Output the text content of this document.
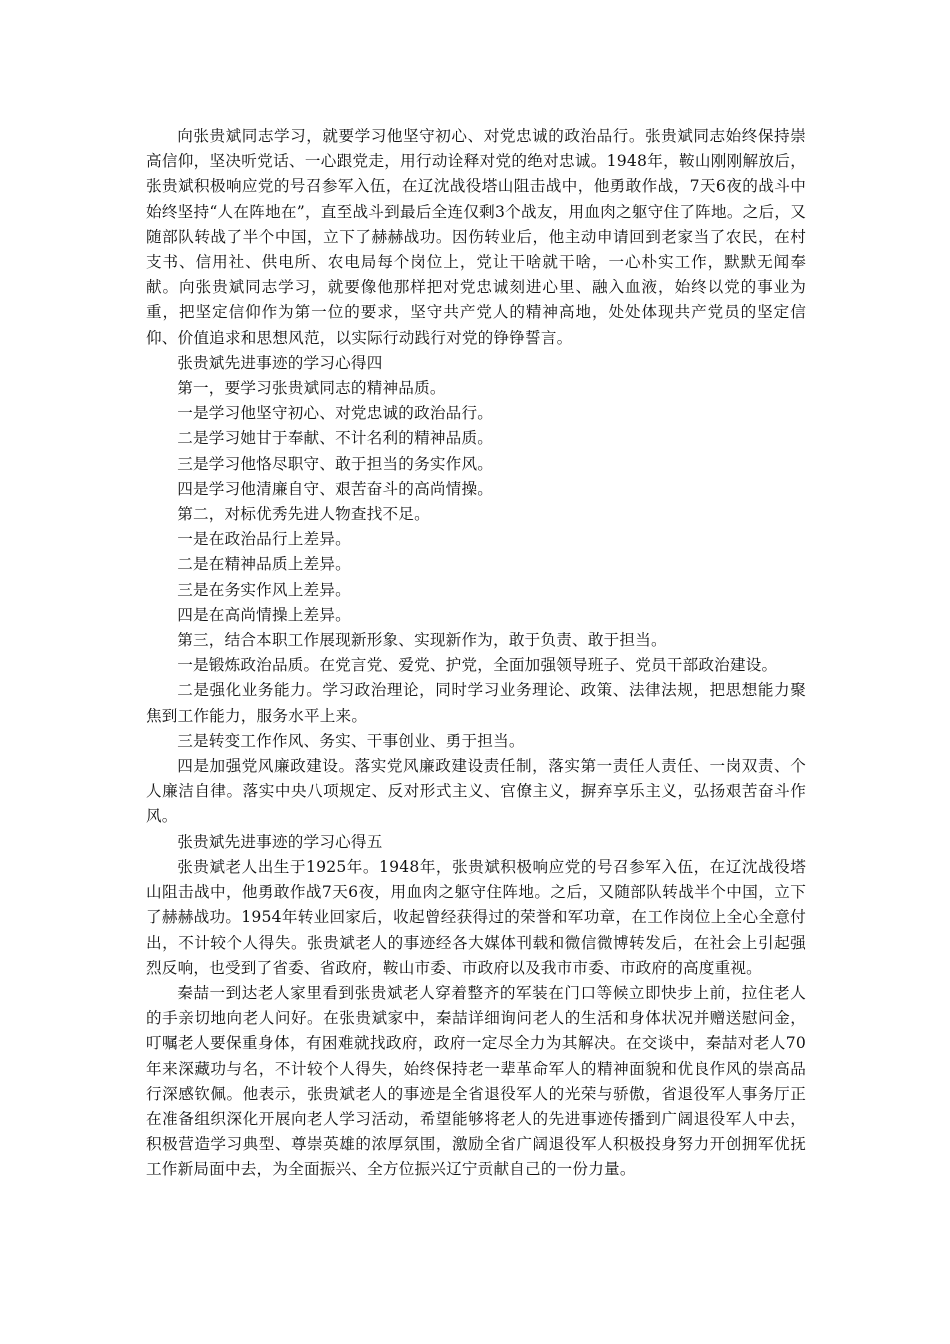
向张贵斌同志学习，就要学习他坚守初心、对党忠诚的政治品行。张贵斌同志始终保持崇高信仰，坚决听党话、一心跟党走，用行动诠释对党的绝对忠诚。1948年，鞍山刚刚解放后，张贵斌积极响应党的号召参军入伍，在辽沈战役塔山阻击战中，他勇敢作战，7天6夜的战斗中始终坚持“人在阵地在”，直至战斗到最后全连仅剩3个战友，用血肉之躯守住了阵地。之后，又随部队转战了半个中国，立下了赫赫战功。因伤转业后，他主动申请回到老家当了农民，在村支书、信用社、供电所、农电局每个岗位上，党让干啥就干啥，一心朴实工作，默默无闻奉献。向张贵斌同志学习，就要像他那样把对党忠诚刻进心里、融入血液，始终以党的事业为重，把坚定信仰作为第一位的要求，坚守共产党人的精神高地，处处体现共产党员的坚定信仰、价值追求和思想风范，以实际行动践行对党的铮铮誓言。

张贵斌先进事迹的学习心得四

第一，要学习张贵斌同志的精神品质。

一是学习他坚守初心、对党忠诚的政治品行。

二是学习她甘于奉献、不计名利的精神品质。

三是学习他恪尽职守、敢于担当的务实作风。

四是学习他清廉自守、艰苦奋斗的高尚情操。

第二，对标优秀先进人物查找不足。

一是在政治品行上差异。

二是在精神品质上差异。

三是在务实作风上差异。

四是在高尚情操上差异。

第三，结合本职工作展现新形象、实现新作为，敢于负责、敢于担当。

一是锻炼政治品质。在党言党、爱党、护党，全面加强领导班子、党员干部政治建设。

二是强化业务能力。学习政治理论，同时学习业务理论、政策、法律法规，把思想能力聚焦到工作能力，服务水平上来。

三是转变工作作风、务实、干事创业、勇于担当。

四是加强党风廉政建设。落实党风廉政建设责任制，落实第一责任人责任、一岗双责、个人廉洁自律。落实中央八项规定、反对形式主义、官僚主义，摒弃享乐主义，弘扬艰苦奋斗作风。

张贵斌先进事迹的学习心得五

张贵斌老人出生于1925年。1948年，张贵斌积极响应党的号召参军入伍，在辽沈战役塔山阻击战中，他勇敢作战7天6夜，用血肉之躯守住阵地。之后，又随部队转战半个中国，立下了赫赫战功。1954年转业回家后，收起曾经获得过的荣誉和军功章，在工作岗位上全心全意付出，不计较个人得失。张贵斌老人的事迹经各大媒体刊载和微信微博转发后，在社会上引起强烈反响，也受到了省委、省政府，鞍山市委、市政府以及我市市委、市政府的高度重视。

秦喆一到达老人家里看到张贵斌老人穿着整齐的军装在门口等候立即快步上前，拉住老人的手亲切地向老人问好。在张贵斌家中，秦喆详细询问老人的生活和身体状况并赠送慰问金，叮嘱老人要保重身体，有困难就找政府，政府一定尽全力为其解决。在交谈中，秦喆对老人70年来深藏功与名，不计较个人得失，始终保持老一辈革命军人的精神面貌和优良作风的崇高品行深感钦佩。他表示，张贵斌老人的事迹是全省退役军人的光荣与骄傲，省退役军人事务厅正在准备组织深化开展向老人学习活动，希望能够将老人的先进事迹传播到广阔退役军人中去，积极营造学习典型、尊崇英雄的浓厚氛围，激励全省广阔退役军人积极投身努力开创拥军优抚工作新局面中去，为全面振兴、全方位振兴辽宁贡献自己的一份力量。
